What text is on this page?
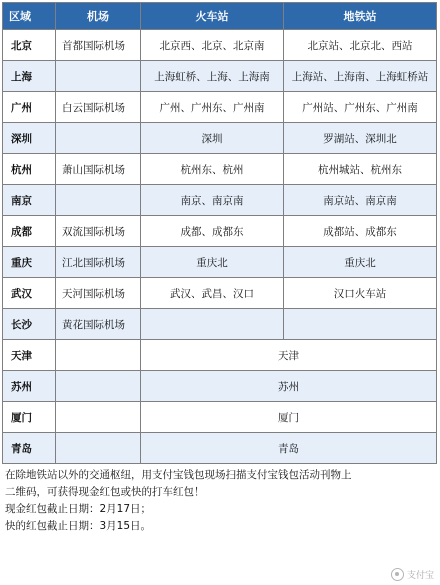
区域	机场	火车站	地铁站
北京	首都国际机场	北京西、北京、北京南	北京站、北京北、西站
上海		上海虹桥、上海、上海南	上海站、上海南、上海虹桥站
广州	白云国际机场	广州、广州东、广州南	广州站、广州东、广州南
深圳		深圳	罗湖站、深圳北
杭州	萧山国际机场	杭州东、杭州	杭州城站、杭州东
南京		南京、南京南	南京站、南京南
成都	双流国际机场	成都、成都东	成都站、成都东
重庆	江北国际机场	重庆北	重庆北
武汉	天河国际机场	武汉、武昌、汉口	汉口火车站
长沙	黄花国际机场		
天津		天津	
苏州		苏州	
厦门		厦门	
青岛		青岛	
在除地铁站以外的交通枢纽，用支付宝钱包现场扫描支付宝钱包活动刊物上
二维码，可获得现金红包或快的打车红包！
现金红包截止日期：2月17日；
快的红包截止日期：3月15日。
支付宝
